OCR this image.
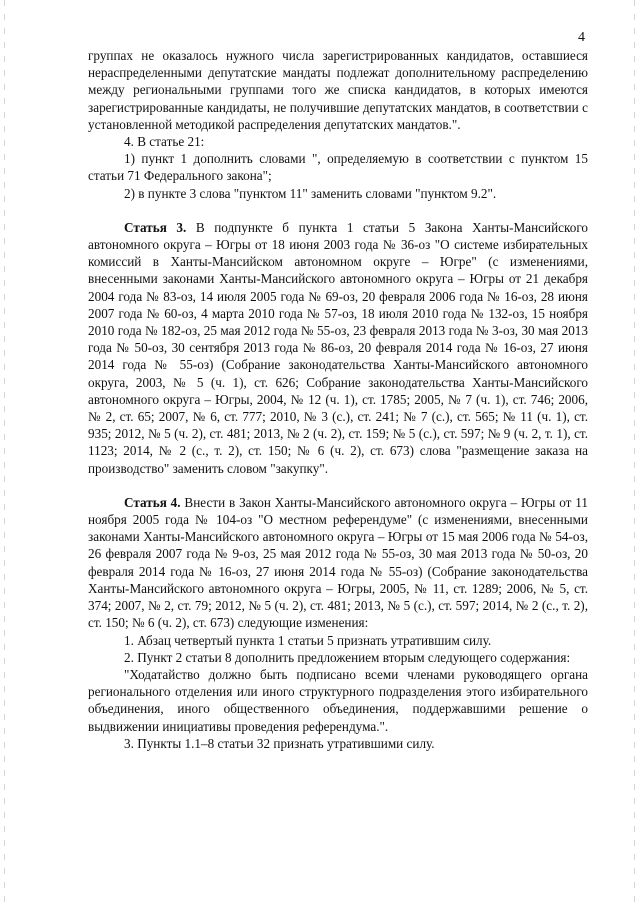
4

группах не оказалось нужного числа зарегистрированных кандидатов, оставшиеся нераспределенными депутатские мандаты подлежат дополнительному распределению между региональными группами того же списка кандидатов, в которых имеются зарегистрированные кандидаты, не получившие депутатских мандатов, в соответствии с установленной методикой распределения депутатских мандатов.".

4. В статье 21:

1) пункт 1 дополнить словами ", определяемую в соответствии с пунктом 15 статьи 71 Федерального закона";

2) в пункте 3 слова "пунктом 11" заменить словами "пунктом 9.2".

Статья 3. В подпункте б пункта 1 статьи 5 Закона Ханты-Мансийского автономного округа – Югры от 18 июня 2003 года № 36-оз "О системе избирательных комиссий в Ханты-Мансийском автономном округе – Югре" (с изменениями, внесенными законами Ханты-Мансийского автономного округа – Югры от 21 декабря 2004 года № 83-оз, 14 июля 2005 года № 69-оз, 20 февраля 2006 года № 16-оз, 28 июня 2007 года № 60-оз, 4 марта 2010 года № 57-оз, 18 июля 2010 года № 132-оз, 15 ноября 2010 года № 182-оз, 25 мая 2012 года № 55-оз, 23 февраля 2013 года № 3-оз, 30 мая 2013 года № 50-оз, 30 сентября 2013 года № 86-оз, 20 февраля 2014 года № 16-оз, 27 июня 2014 года № 55-оз) (Собрание законодательства Ханты-Мансийского автономного округа, 2003, № 5 (ч. 1), ст. 626; Собрание законодательства Ханты-Мансийского автономного округа – Югры, 2004, № 12 (ч. 1), ст. 1785; 2005, № 7 (ч. 1), ст. 746; 2006, № 2, ст. 65; 2007, № 6, ст. 777; 2010, № 3 (с.), ст. 241; № 7 (с.), ст. 565; № 11 (ч. 1), ст. 935; 2012, № 5 (ч. 2), ст. 481; 2013, № 2 (ч. 2), ст. 159; № 5 (с.), ст. 597; № 9 (ч. 2, т. 1), ст. 1123; 2014, № 2 (с., т. 2), ст. 150; № 6 (ч. 2), ст. 673) слова "размещение заказа на производство" заменить словом "закупку".

Статья 4. Внести в Закон Ханты-Мансийского автономного округа – Югры от 11 ноября 2005 года № 104-оз "О местном референдуме" (с изменениями, внесенными законами Ханты-Мансийского автономного округа – Югры от 15 мая 2006 года № 54-оз, 26 февраля 2007 года № 9-оз, 25 мая 2012 года № 55-оз, 30 мая 2013 года № 50-оз, 20 февраля 2014 года № 16-оз, 27 июня 2014 года № 55-оз) (Собрание законодательства Ханты-Мансийского автономного округа – Югры, 2005, № 11, ст. 1289; 2006, № 5, ст. 374; 2007, № 2, ст. 79; 2012, № 5 (ч. 2), ст. 481; 2013, № 5 (с.), ст. 597; 2014, № 2 (с., т. 2), ст. 150; № 6 (ч. 2), ст. 673) следующие изменения:

1. Абзац четвертый пункта 1 статьи 5 признать утратившим силу.

2. Пункт 2 статьи 8 дополнить предложением вторым следующего содержания:

"Ходатайство должно быть подписано всеми членами руководящего органа регионального отделения или иного структурного подразделения этого избирательного объединения, иного общественного объединения, поддержавшими решение о выдвижении инициативы проведения референдума.".

3. Пункты 1.1–8 статьи 32 признать утратившими силу.
